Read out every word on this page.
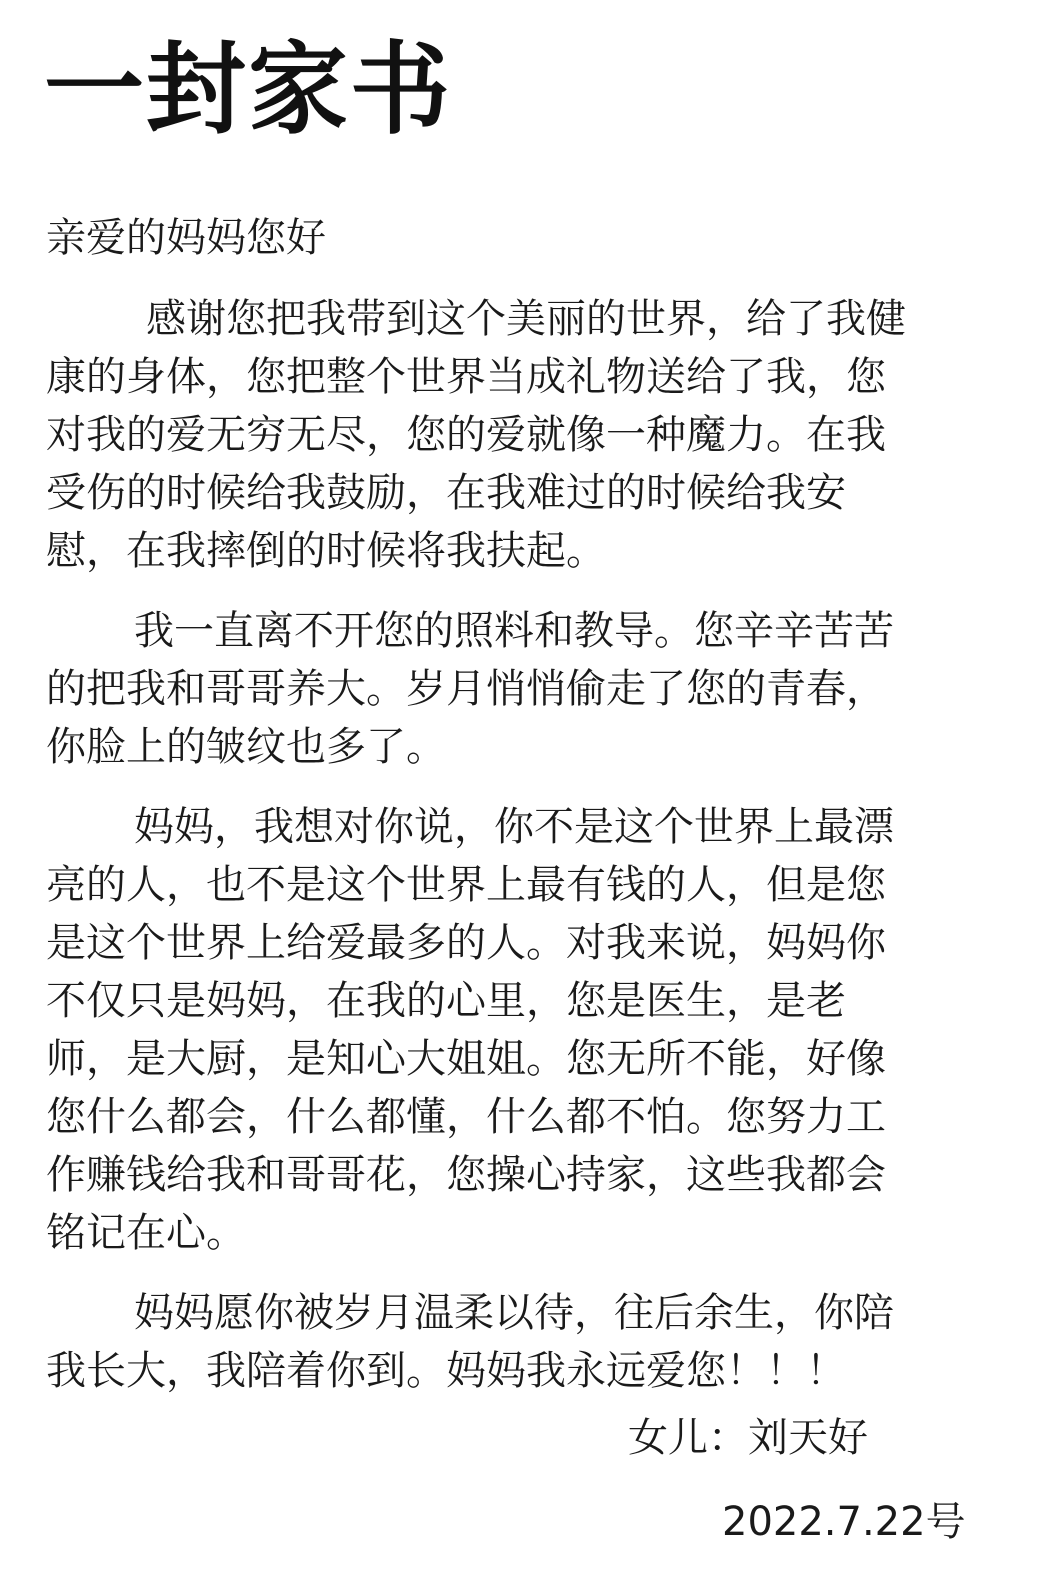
一封家书
亲爱的妈妈您好
感谢您把我带到这个美丽的世界，给了我健
康的身体，您把整个世界当成礼物送给了我，您
对我的爱无穷无尽，您的爱就像一种魔力。在我
受伤的时候给我鼓励，在我难过的时候给我安
慰，在我摔倒的时候将我扶起。
我一直离不开您的照料和教导。您辛辛苦苦
的把我和哥哥养大。岁月悄悄偷走了您的青春，
你脸上的皱纹也多了。
妈妈，我想对你说，你不是这个世界上最漂
亮的人，也不是这个世界上最有钱的人，但是您
是这个世界上给爱最多的人。对我来说，妈妈你
不仅只是妈妈，在我的心里，您是医生，是老
师，是大厨，是知心大姐姐。您无所不能，好像
您什么都会，什么都懂，什么都不怕。您努力工
作赚钱给我和哥哥花，您操心持家，这些我都会
铭记在心。
妈妈愿你被岁月温柔以待，往后余生，你陪
我长大，我陪着你到。妈妈我永远爱您！！！
女儿：刘天好
2022.7.22号
